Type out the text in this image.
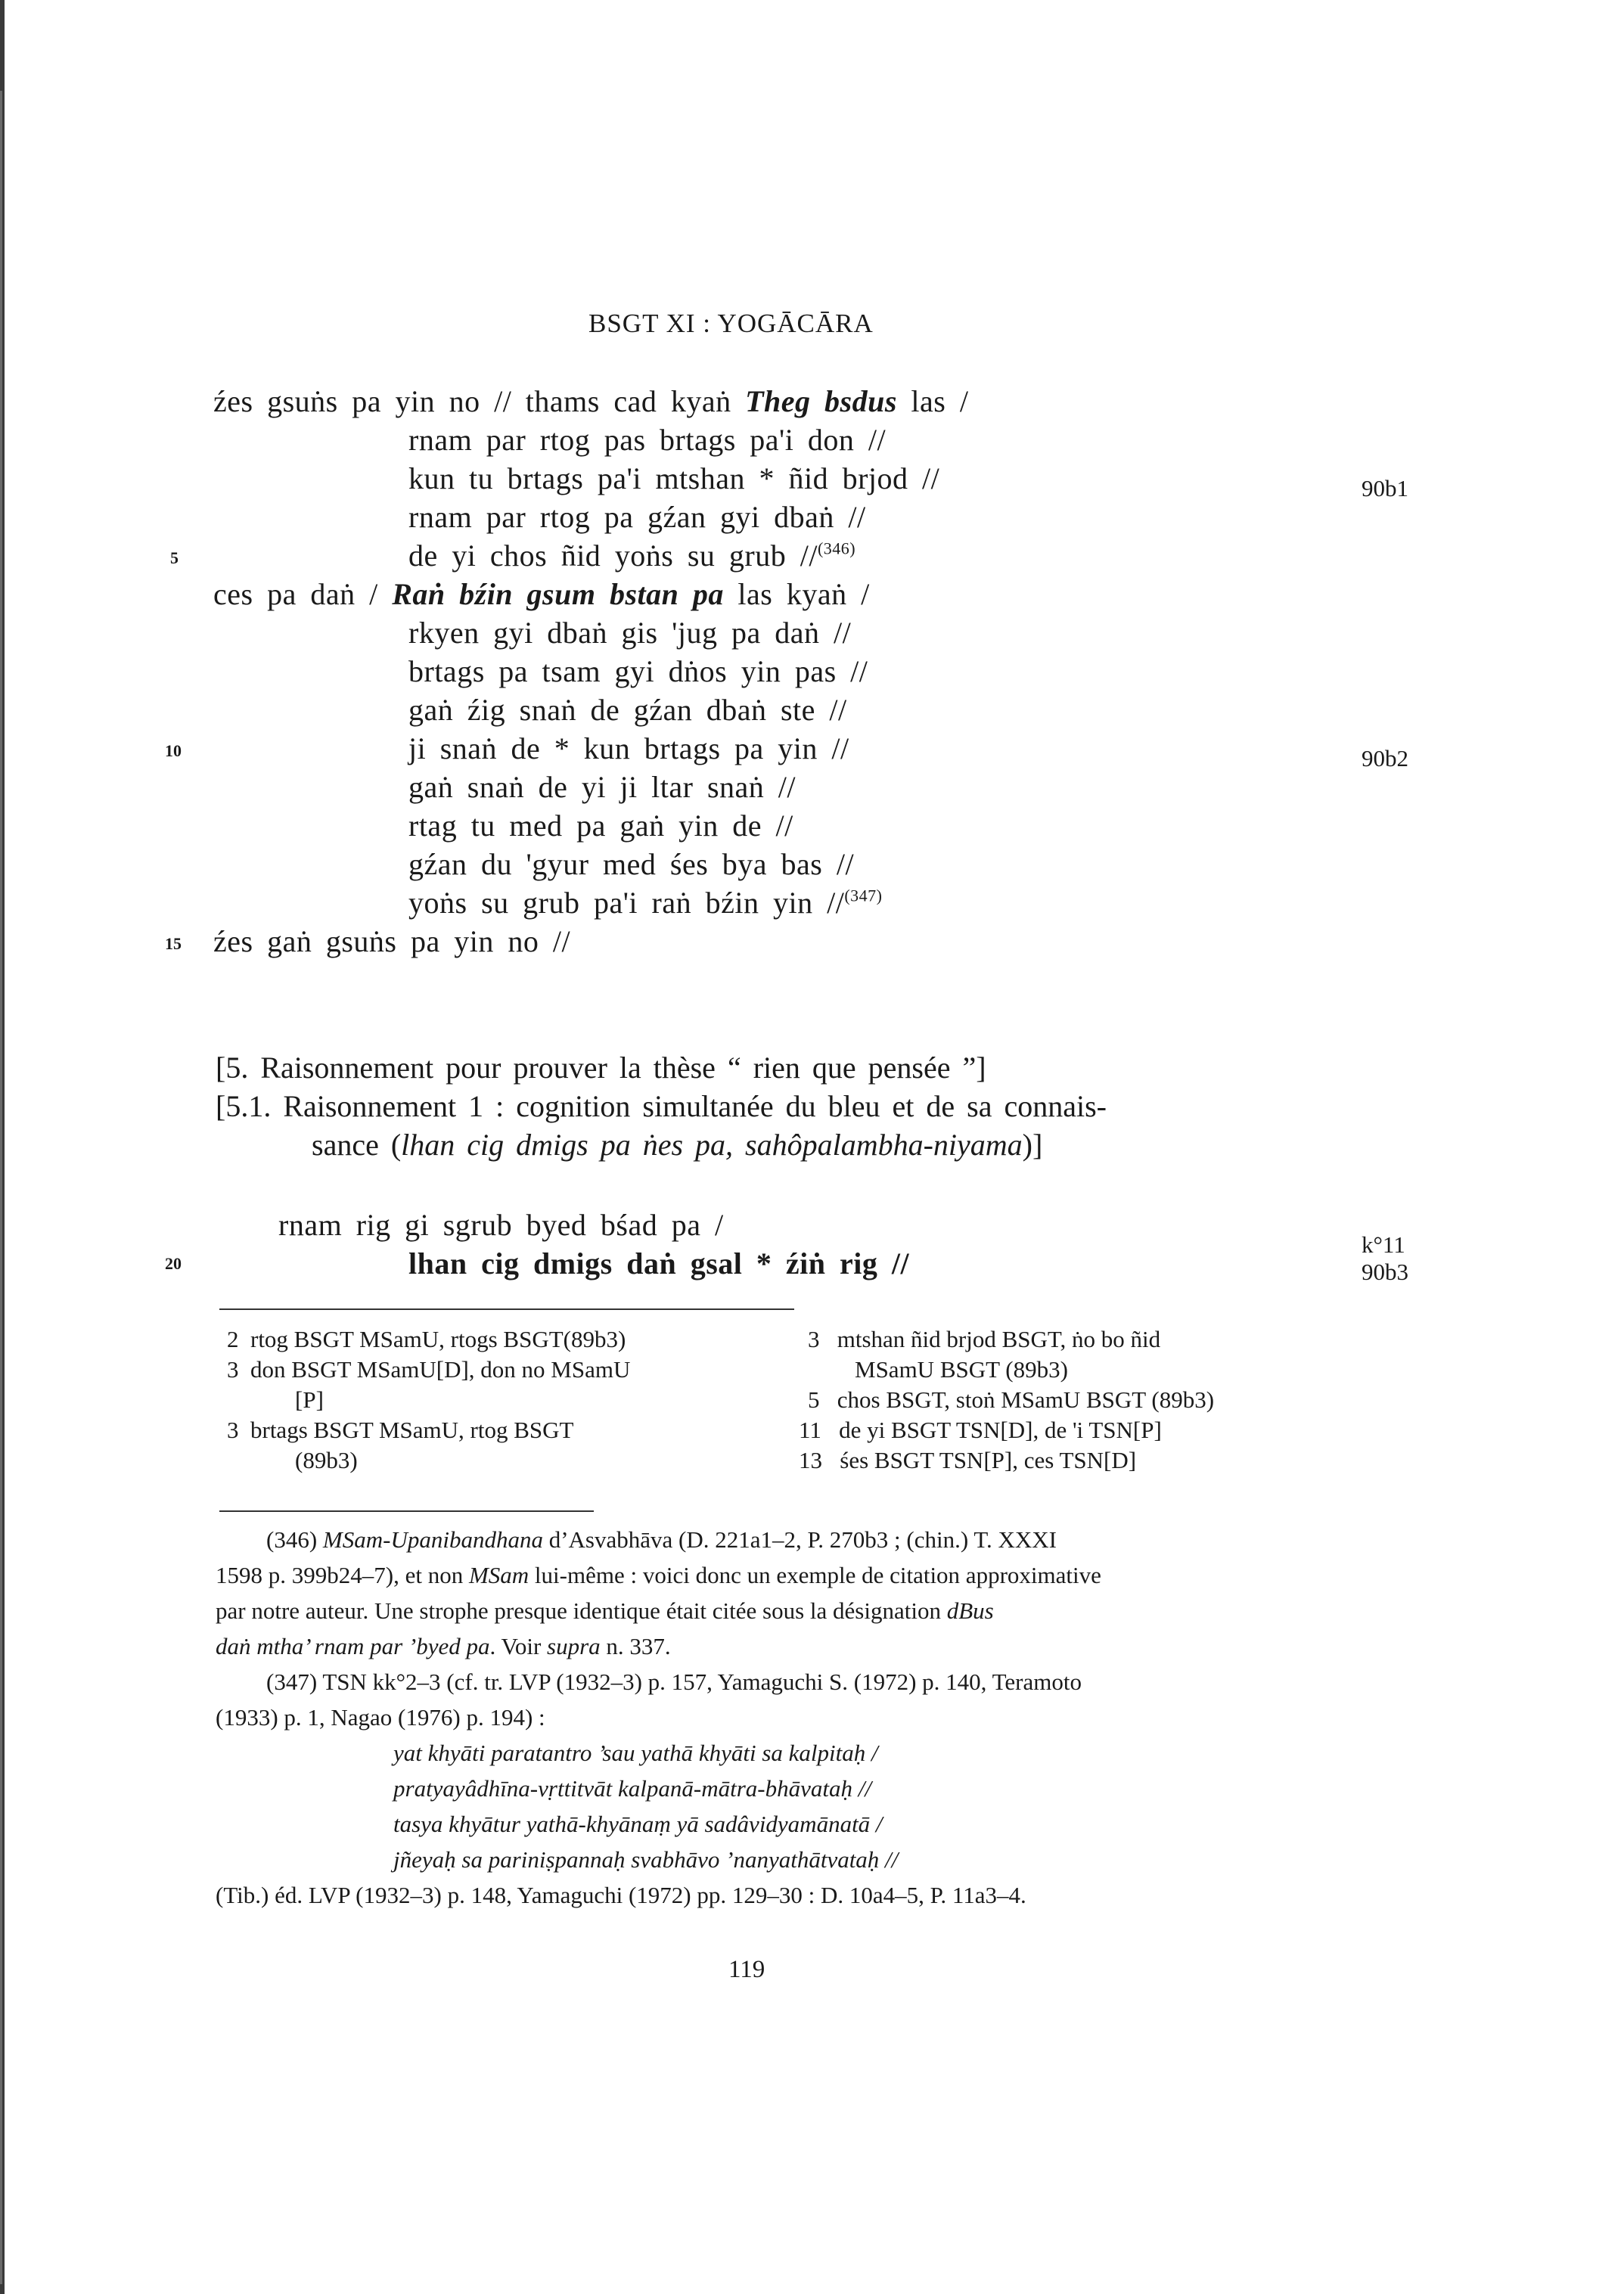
BSGT XI : YOGĀCĀRA
źes gsuṅs pa yin no // thams cad kyaṅ Theg bsdus las /
rnam par rtog pas brtags pa'i don //
kun tu brtags pa'i mtshan * ñid brjod //
rnam par rtog pa gźan gyi dbaṅ //
de yi chos ñid yoṅs su grub //$^{(346)}$
ces pa daṅ / Raṅ bźin gsum bstan pa las kyaṅ /
rkyen gyi dbaṅ gis 'jug pa daṅ //
brtags pa tsam gyi dṅos yin pas //
gaṅ źig snaṅ de gźan dbaṅ ste //
ji snaṅ de * kun brtags pa yin //
gaṅ snaṅ de yi ji ltar snaṅ //
rtag tu med pa gaṅ yin de //
gźan du 'gyur med śes bya bas //
yoṅs su grub pa'i raṅ bźin yin //$^{(347)}$
źes gaṅ gsuṅs pa yin no //
5
10
15
20
90b1
90b2
k°11
90b3
[5. Raisonnement pour prouver la thèse “ rien que pensée ”]
[5.1. Raisonnement 1 : cognition simultanée du bleu et de sa connais-
sance (lhan cig dmigs pa ṅes pa, sahôpalambha-niyama)]
rnam rig gi sgrub byed bśad pa /
lhan cig dmigs daṅ gsal * źiṅ rig //
2 rtog BSGT MSamU, rtogs BSGT(89b3)
3 don BSGT MSamU[D], don no MSamU
[P]
3 brtags BSGT MSamU, rtog BSGT
(89b3)
3 mtshan ñid brjod BSGT, ṅo bo ñid
MSamU BSGT (89b3)
5 chos BSGT, stoṅ MSamU BSGT (89b3)
11 de yi BSGT TSN[D], de 'i TSN[P]
13 śes BSGT TSN[P], ces TSN[D]
(346) MSam-Upanibandhana d’Asvabhāva (D. 221a1–2, P. 270b3 ; (chin.) T. XXXI
1598 p. 399b24–7), et non MSam lui-même : voici donc un exemple de citation approximative
par notre auteur. Une strophe presque identique était citée sous la désignation dBus
daṅ mtha’ rnam par ’byed pa. Voir supra n. 337.
(347) TSN kk°2–3 (cf. tr. LVP (1932–3) p. 157, Yamaguchi S. (1972) p. 140, Teramoto
(1933) p. 1, Nagao (1976) p. 194) :
yat khyāti paratantro ’sau yathā khyāti sa kalpitaḥ /
pratyayâdhīna-vṛttitvāt kalpanā-mātra-bhāvataḥ //
tasya khyātur yathā-khyānaṃ yā sadâvidyamānatā /
jñeyaḥ sa pariniṣpannaḥ svabhāvo ’nanyathātvataḥ //
(Tib.) éd. LVP (1932–3) p. 148, Yamaguchi (1972) pp. 129–30 : D. 10a4–5, P. 11a3–4.
119
